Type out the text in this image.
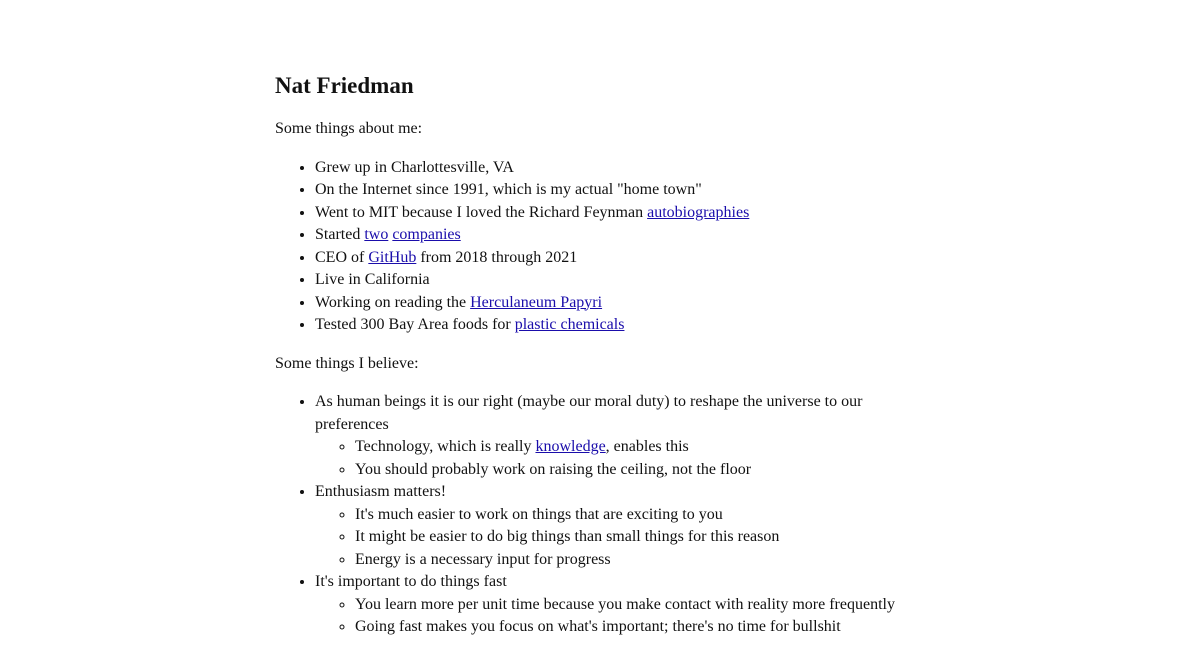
Nat Friedman

Some things about me:

• Grew up in Charlottesville, VA
• On the Internet since 1991, which is my actual "home town"
• Went to MIT because I loved the Richard Feynman autobiographies
• Started two companies
• CEO of GitHub from 2018 through 2021
• Live in California
• Working on reading the Herculaneum Papyri
• Tested 300 Bay Area foods for plastic chemicals

Some things I believe:

• As human beings it is our right (maybe our moral duty) to reshape the universe to our preferences
◦ Technology, which is really knowledge, enables this
◦ You should probably work on raising the ceiling, not the floor
• Enthusiasm matters!
◦ It's much easier to work on things that are exciting to you
◦ It might be easier to do big things than small things for this reason
◦ Energy is a necessary input for progress
• It's important to do things fast
◦ You learn more per unit time because you make contact with reality more frequently
◦ Going fast makes you focus on what's important; there's no time for bullshit
